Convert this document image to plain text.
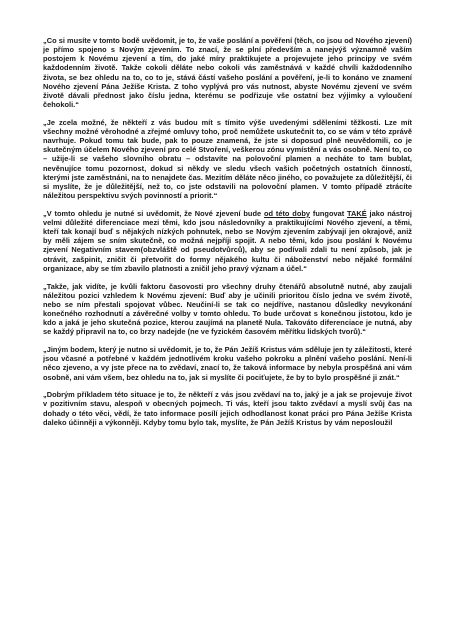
„Co si musíte v tomto bodě uvědomit, je to, že vaše poslání a pověření (těch, co jsou od Nového zjevení) je přímo spojeno s Novým zjevením. To znací, že se plní především a nanejvýš významně vaším postojem k Novému zjevení a tím, do jaké míry praktikujete a projevujete jeho principy ve svém každodenním životě. Takže cokoli děláte nebo cokoli vás zaměstnává v každé chvíli každodenního života, se bez ohledu na to, co to je, stává částí vašeho poslání a pověření, je-li to konáno ve znamení Nového zjevení Pána Ježíše Krista. Z toho vyplývá pro vás nutnost, abyste Novému zjevení ve svém životě dávali přednost jako číslu jedna, kterému se podřizuje vše ostatní bez výjimky a vyloučení čehokoli.“

„Je zcela možné, že někteří z vás budou mít s tímito výše uvedenými sděleními těžkosti. Lze mít všechny možné věrohodné a zřejmé omluvy toho, proč nemůžete uskutečnit to, co se vám v této zprávě navrhuje. Pokud tomu tak bude, pak to pouze znamená, že jste si doposud plně neuvědomili, co je skutečným účelem Nového zjevení pro celé Stvoření, veškerou zónu vymístění a vás osobně. Není to, co – užije-li se vašeho slovního obratu – odstavíte na polovoční plamen a necháte to tam bublat, nevěnujíce tomu pozornost, dokud si někdy ve sledu všech vašich početných ostatních činností, kterými jste zaměstnáni, na to nenajdete čas. Mezitím děláte něco jiného, co považujete za důležitější, či si myslíte, že je důležitější, než to, co jste odstavili na polovoční plamen. V tomto případě ztrácíte náležitou perspektivu svých povinností a priorit.“

„V tomto ohledu je nutné si uvědomit, že Nové zjevení bude od této doby fungovat TAKÉ jako nástroj velmi důležité diferenciace mezi těmi, kdo jsou následovníky a praktikujícími Nového zjevení, a těmi, kteří tak konají buď s nějakých nízkých pohnutek, nebo se Novým zjevením zabývají jen okrajově, aniž by měli zájem se sním skutečně, co možná nejpříji spojit. A nebo těmi, kdo jsou poslání k Novému zjevení Negativním stavem(obzvláště od pseudotvůrců), aby se podívali zdali tu není způsob, jak je otrávit, zašpinit, zničit či přetvořit do formy nějakého kultu či náboženství nebo nějaké formální organizace, aby se tím zbavilo platnosti a zničil jeho pravý význam a účel.“

„Takže, jak vidíte, je kvůli faktoru časovosti pro všechny druhy čtenářů absolutně nutné, aby zaujali náležitou pozici vzhledem k Novému zjevení: Buď aby je učinili prioritou číslo jedna ve svém životě, nebo se ním přestali spojovat vůbec. Neučiní-li se tak co nejdříve, nastanou důsledky nevykonání konečného rozhodnutí a závěrečné volby v tomto ohledu. To bude určovat s konečnou jistotou, kdo je kdo a jaká je jeho skutečná pozice, kterou zaujímá na planetě Nula. Takováto diferenciace je nutná, aby se každý připravil na to, co brzy nadejde (ne ve fyzickém časovém měřítku lidských tvorů).“

„Jiným bodem, který je nutno si uvědomit, je to, že Pán Ježíš Kristus vám sděluje jen ty záležitosti, které jsou včasné a potřebné v každém jednotlivém kroku vašeho pokroku a plnění vašeho poslání. Není-li něco zjeveno, a vy jste přece na to zvědaví, znací to, že taková informace by nebyla prospěšná ani vám osobně, ani vám všem, bez ohledu na to, jak si myslíte či pociťujete, že by to bylo prospěšné ji znát.“

„Dobrým příkladem této situace je to, že někteří z vás jsou zvědaví na to, jaký je a jak se projevuje život v pozitivním stavu, alespoň v obecných pojmech. Ti vás, kteří jsou takto zvědaví a myslí svůj čas na dohady o této věci, vědí, že tato informace posílí jejich odhodlanost konat práci pro Pána Ježíše Krista daleko účinněji a výkonněji. Kdyby tomu bylo tak, myslíte, že Pán Ježíš Kristus by vám neposloužil
